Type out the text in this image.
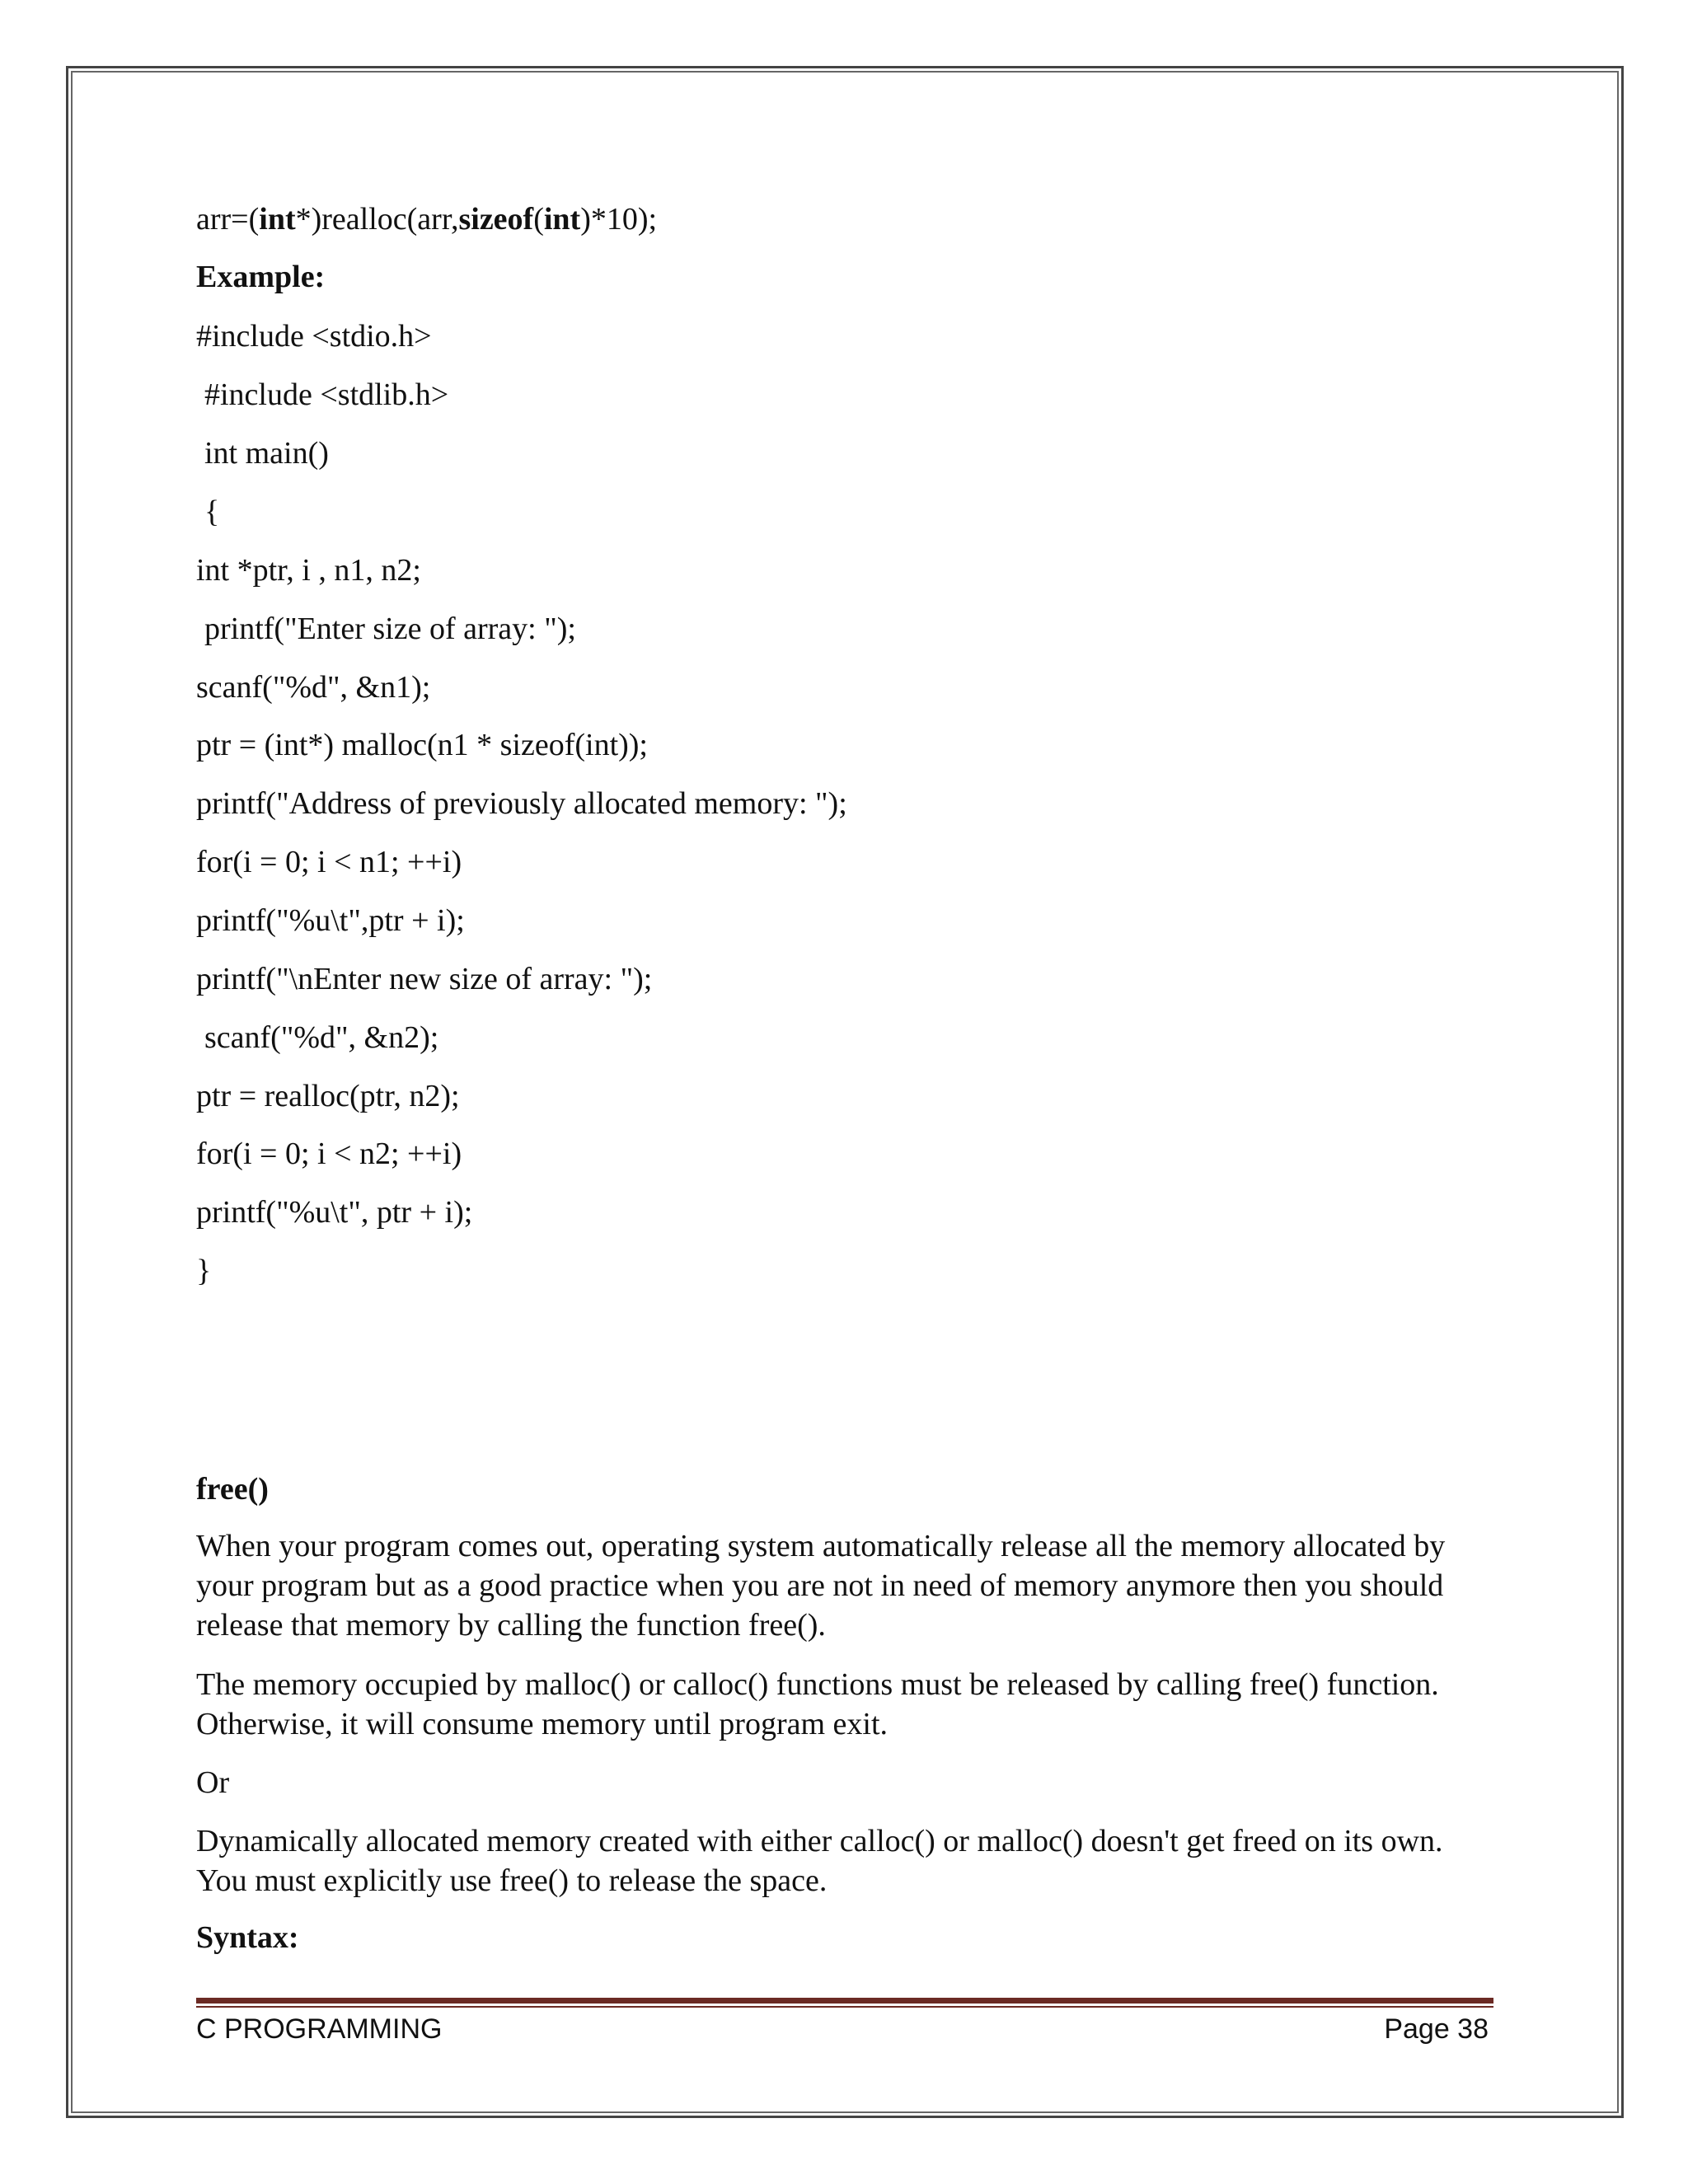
arr=(int*)realloc(arr,sizeof(int)*10);
Example:
#include <stdio.h>
#include <stdlib.h>
int main()
{
int *ptr, i , n1, n2;
printf("Enter size of array: ");
scanf("%d", &n1);
ptr = (int*) malloc(n1 * sizeof(int));
printf("Address of previously allocated memory: ");
for(i = 0; i < n1; ++i)
printf("%u\t",ptr + i);
printf("\nEnter new size of array: ");
scanf("%d", &n2);
ptr = realloc(ptr, n2);
for(i = 0; i < n2; ++i)
printf("%u\t", ptr + i);
}
free()
When your program comes out, operating system automatically release all the memory allocated by your program but as a good practice when you are not in need of memory anymore then you should release that memory by calling the function free().
The memory occupied by malloc() or calloc() functions must be released by calling free() function. Otherwise, it will consume memory until program exit.
Or
Dynamically allocated memory created with either calloc() or malloc() doesn't get freed on its own. You must explicitly use free() to release the space.
Syntax:
C PROGRAMMING	Page 38
